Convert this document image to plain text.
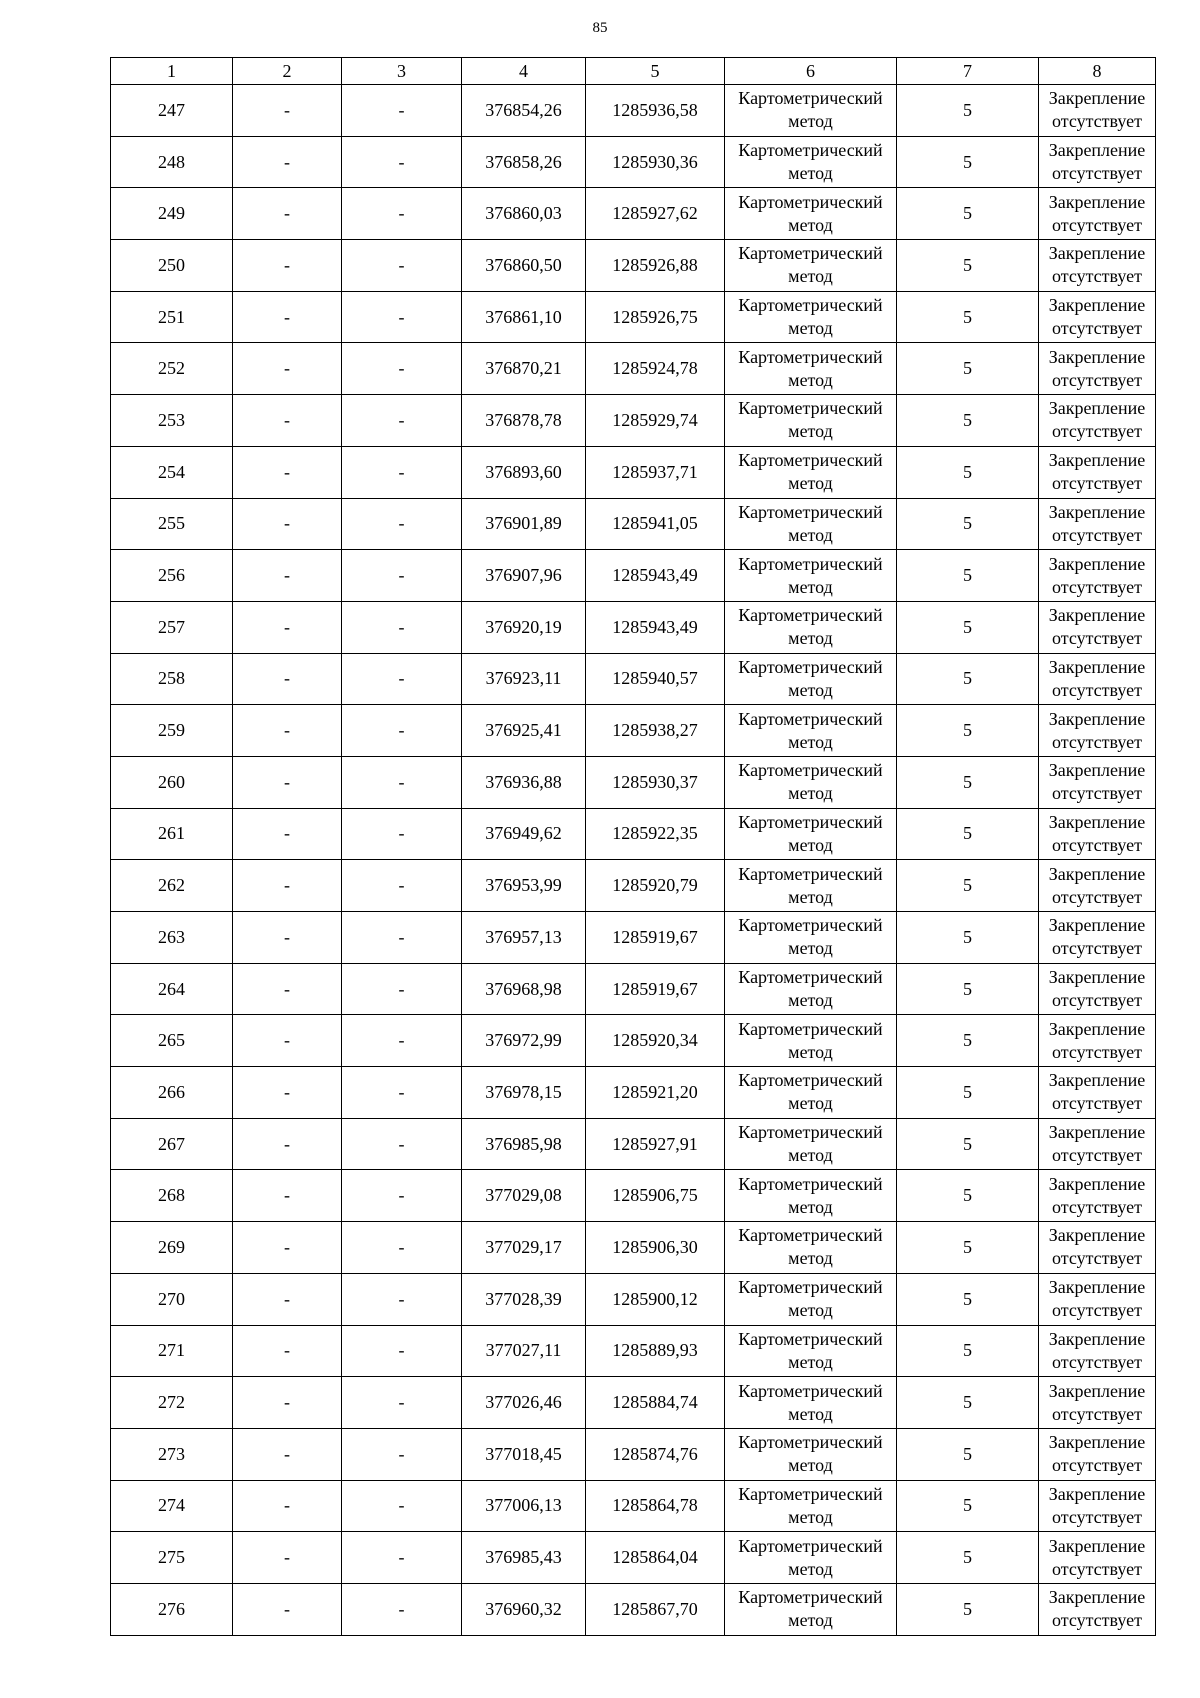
85
1	2	3	4	5	6	7	8
247	-	-	376854,26	1285936,58	Картометрический
метод	5	Закрепление
отсутствует

248	-	-	376858,26	1285930,36	Картометрический
метод	5	Закрепление
отсутствует

249	-	-	376860,03	1285927,62	Картометрический
метод	5	Закрепление
отсутствует

250	-	-	376860,50	1285926,88	Картометрический
метод	5	Закрепление
отсутствует

251	-	-	376861,10	1285926,75	Картометрический
метод	5	Закрепление
отсутствует

252	-	-	376870,21	1285924,78	Картометрический
метод	5	Закрепление
отсутствует

253	-	-	376878,78	1285929,74	Картометрический
метод	5	Закрепление
отсутствует

254	-	-	376893,60	1285937,71	Картометрический
метод	5	Закрепление
отсутствует

255	-	-	376901,89	1285941,05	Картометрический
метод	5	Закрепление
отсутствует

256	-	-	376907,96	1285943,49	Картометрический
метод	5	Закрепление
отсутствует

257	-	-	376920,19	1285943,49	Картометрический
метод	5	Закрепление
отсутствует

258	-	-	376923,11	1285940,57	Картометрический
метод	5	Закрепление
отсутствует

259	-	-	376925,41	1285938,27	Картометрический
метод	5	Закрепление
отсутствует

260	-	-	376936,88	1285930,37	Картометрический
метод	5	Закрепление
отсутствует

261	-	-	376949,62	1285922,35	Картометрический
метод	5	Закрепление
отсутствует

262	-	-	376953,99	1285920,79	Картометрический
метод	5	Закрепление
отсутствует

263	-	-	376957,13	1285919,67	Картометрический
метод	5	Закрепление
отсутствует

264	-	-	376968,98	1285919,67	Картометрический
метод	5	Закрепление
отсутствует

265	-	-	376972,99	1285920,34	Картометрический
метод	5	Закрепление
отсутствует

266	-	-	376978,15	1285921,20	Картометрический
метод	5	Закрепление
отсутствует

267	-	-	376985,98	1285927,91	Картометрический
метод	5	Закрепление
отсутствует

268	-	-	377029,08	1285906,75	Картометрический
метод	5	Закрепление
отсутствует

269	-	-	377029,17	1285906,30	Картометрический
метод	5	Закрепление
отсутствует

270	-	-	377028,39	1285900,12	Картометрический
метод	5	Закрепление
отсутствует

271	-	-	377027,11	1285889,93	Картометрический
метод	5	Закрепление
отсутствует

272	-	-	377026,46	1285884,74	Картометрический
метод	5	Закрепление
отсутствует

273	-	-	377018,45	1285874,76	Картометрический
метод	5	Закрепление
отсутствует

274	-	-	377006,13	1285864,78	Картометрический
метод	5	Закрепление
отсутствует

275	-	-	376985,43	1285864,04	Картометрический
метод	5	Закрепление
отсутствует

276	-	-	376960,32	1285867,70	Картометрический
метод	5	Закрепление
отсутствует
